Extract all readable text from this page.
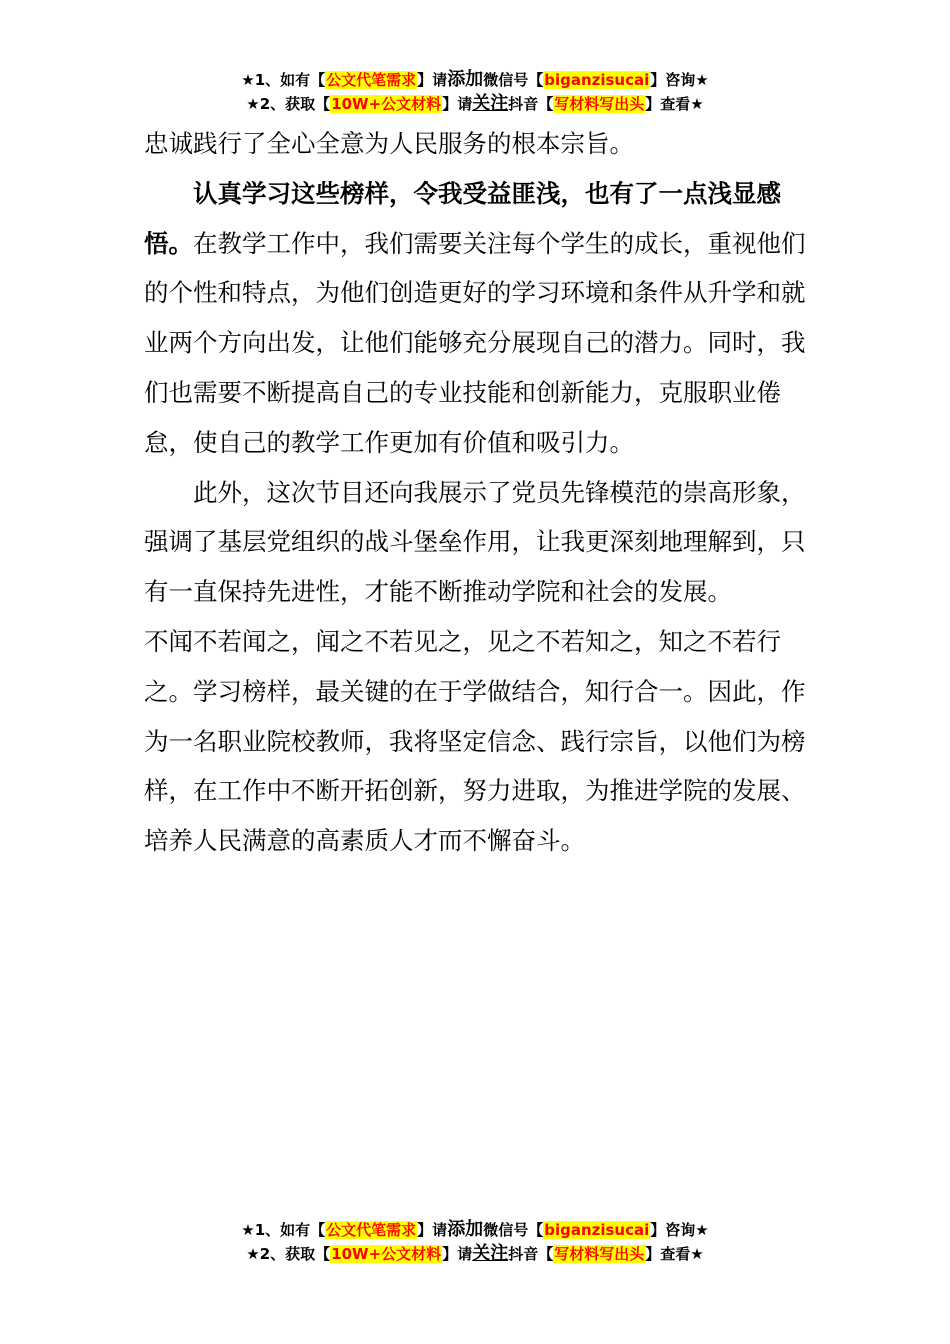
★1、如有【公文代笔需求】请添加微信号【biganzisucai】咨询★
★2、获取【10W+公文材料】请关注抖音【写材料写出头】查看★

忠诚践行了全心全意为人民服务的根本宗旨。

认真学习这些榜样，令我受益匪浅，也有了一点浅显感悟。在教学工作中，我们需要关注每个学生的成长，重视他们的个性和特点，为他们创造更好的学习环境和条件从升学和就业两个方向出发，让他们能够充分展现自己的潜力。同时，我们也需要不断提高自己的专业技能和创新能力，克服职业倦怠，使自己的教学工作更加有价值和吸引力。

此外，这次节目还向我展示了党员先锋模范的崇高形象，强调了基层党组织的战斗堡垒作用，让我更深刻地理解到，只有一直保持先进性，才能不断推动学院和社会的发展。

不闻不若闻之，闻之不若见之，见之不若知之，知之不若行之。学习榜样，最关键的在于学做结合，知行合一。因此，作为一名职业院校教师，我将坚定信念、践行宗旨，以他们为榜样，在工作中不断开拓创新，努力进取，为推进学院的发展、培养人民满意的高素质人才而不懈奋斗。

★1、如有【公文代笔需求】请添加微信号【biganzisucai】咨询★
★2、获取【10W+公文材料】请关注抖音【写材料写出头】查看★
